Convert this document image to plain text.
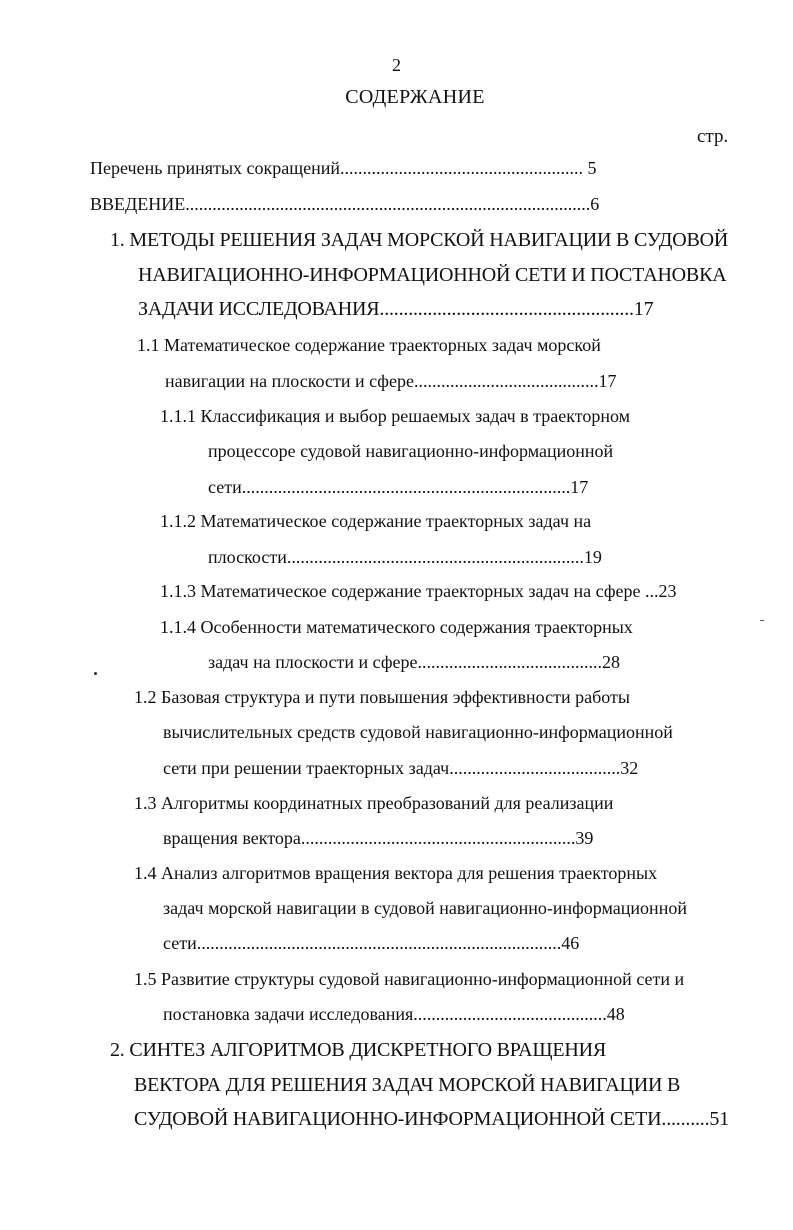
2
СОДЕРЖАНИЕ
стр.
Перечень принятых сокращений...................................................... 5
ВВЕДЕНИЕ..........................................................................................6
1. МЕТОДЫ РЕШЕНИЯ ЗАДАЧ МОРСКОЙ НАВИГАЦИИ В СУДОВОЙ
НАВИГАЦИОННО-ИНФОРМАЦИОННОЙ СЕТИ И ПОСТАНОВКА
ЗАДАЧИ ИССЛЕДОВАНИЯ.....................................................17
1.1 Математическое содержание траекторных задач морской
навигации на плоскости и сфере.........................................17
1.1.1 Классификация и выбор решаемых задач в траекторном
процессоре судовой навигационно-информационной
сети.........................................................................17
1.1.2 Математическое содержание траекторных задач на
плоскости..................................................................19
1.1.3 Математическое содержание траекторных задач на сфере ...23
1.1.4 Особенности математического содержания траекторных
задач на плоскости и сфере.........................................28
1.2 Базовая структура и пути повышения эффективности работы
вычислительных средств судовой навигационно-информационной
сети при решении траекторных задач......................................32
1.3 Алгоритмы координатных преобразований для реализации
вращения вектора.............................................................39
1.4 Анализ алгоритмов вращения вектора для решения траекторных
задач морской навигации в судовой навигационно-информационной
сети.................................................................................46
1.5 Развитие структуры судовой навигационно-информационной сети и
постановка задачи исследования...........................................48
2. СИНТЕЗ АЛГОРИТМОВ ДИСКРЕТНОГО ВРАЩЕНИЯ
ВЕКТОРА ДЛЯ РЕШЕНИЯ ЗАДАЧ МОРСКОЙ НАВИГАЦИИ В
СУДОВОЙ НАВИГАЦИОННО-ИНФОРМАЦИОННОЙ СЕТИ..........51
